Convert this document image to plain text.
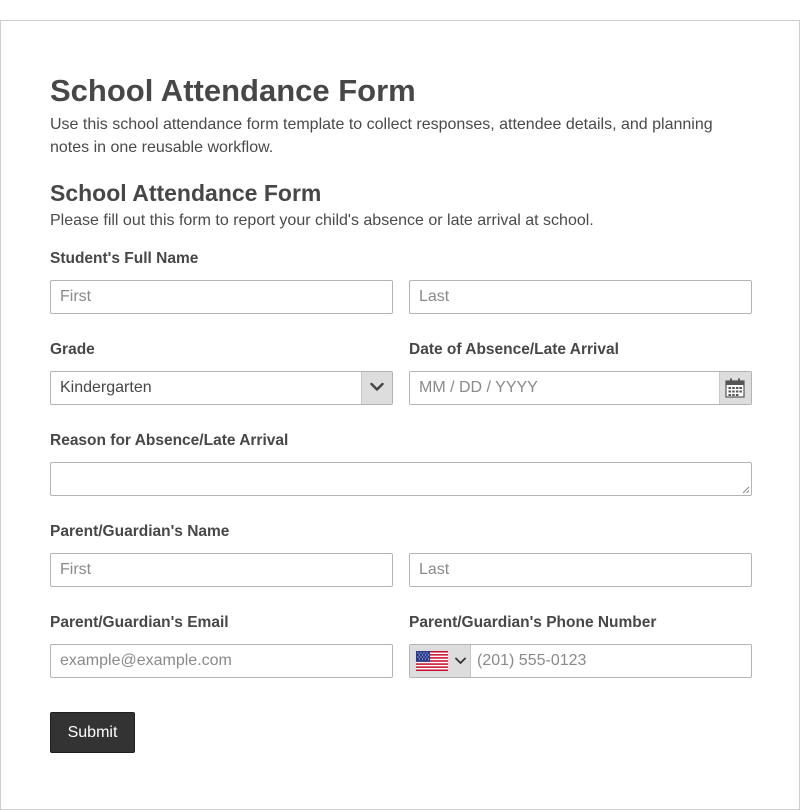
School Attendance Form

Use this school attendance form template to collect responses, attendee details, and planning notes in one reusable workflow.

School Attendance Form

Please fill out this form to report your child's absence or late arrival at school.

Student's Full Name
First	Last
Grade
Kindergarten
Date of Absence/Late Arrival
MM / DD / YYYY
Reason for Absence/Late Arrival
Parent/Guardian's Name
First	Last
Parent/Guardian's Email
example@example.com
Parent/Guardian's Phone Number
(201) 555-0123
Submit
